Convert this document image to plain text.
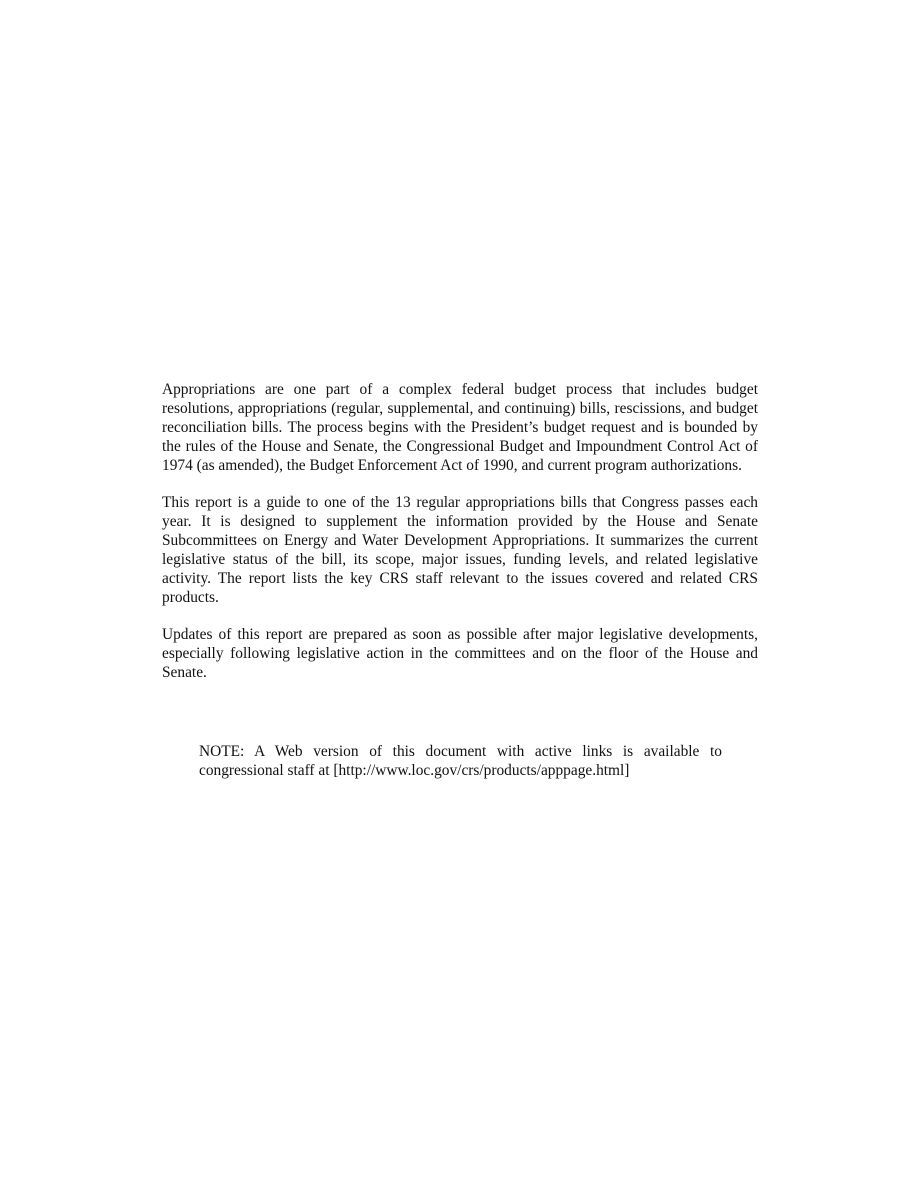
Appropriations are one part of a complex federal budget process that includes budget resolutions, appropriations (regular, supplemental, and continuing) bills, rescissions, and budget reconciliation bills. The process begins with the President’s budget request and is bounded by the rules of the House and Senate, the Congressional Budget and Impoundment Control Act of 1974 (as amended), the Budget Enforcement Act of 1990, and current program authorizations.

This report is a guide to one of the 13 regular appropriations bills that Congress passes each year. It is designed to supplement the information provided by the House and Senate Subcommittees on Energy and Water Development Appropriations. It summarizes the current legislative status of the bill, its scope, major issues, funding levels, and related legislative activity. The report lists the key CRS staff relevant to the issues covered and related CRS products.

Updates of this report are prepared as soon as possible after major legislative developments, especially following legislative action in the committees and on the floor of the House and Senate.

NOTE: A Web version of this document with active links is available to congressional staff at [http://www.loc.gov/crs/products/apppage.html]
